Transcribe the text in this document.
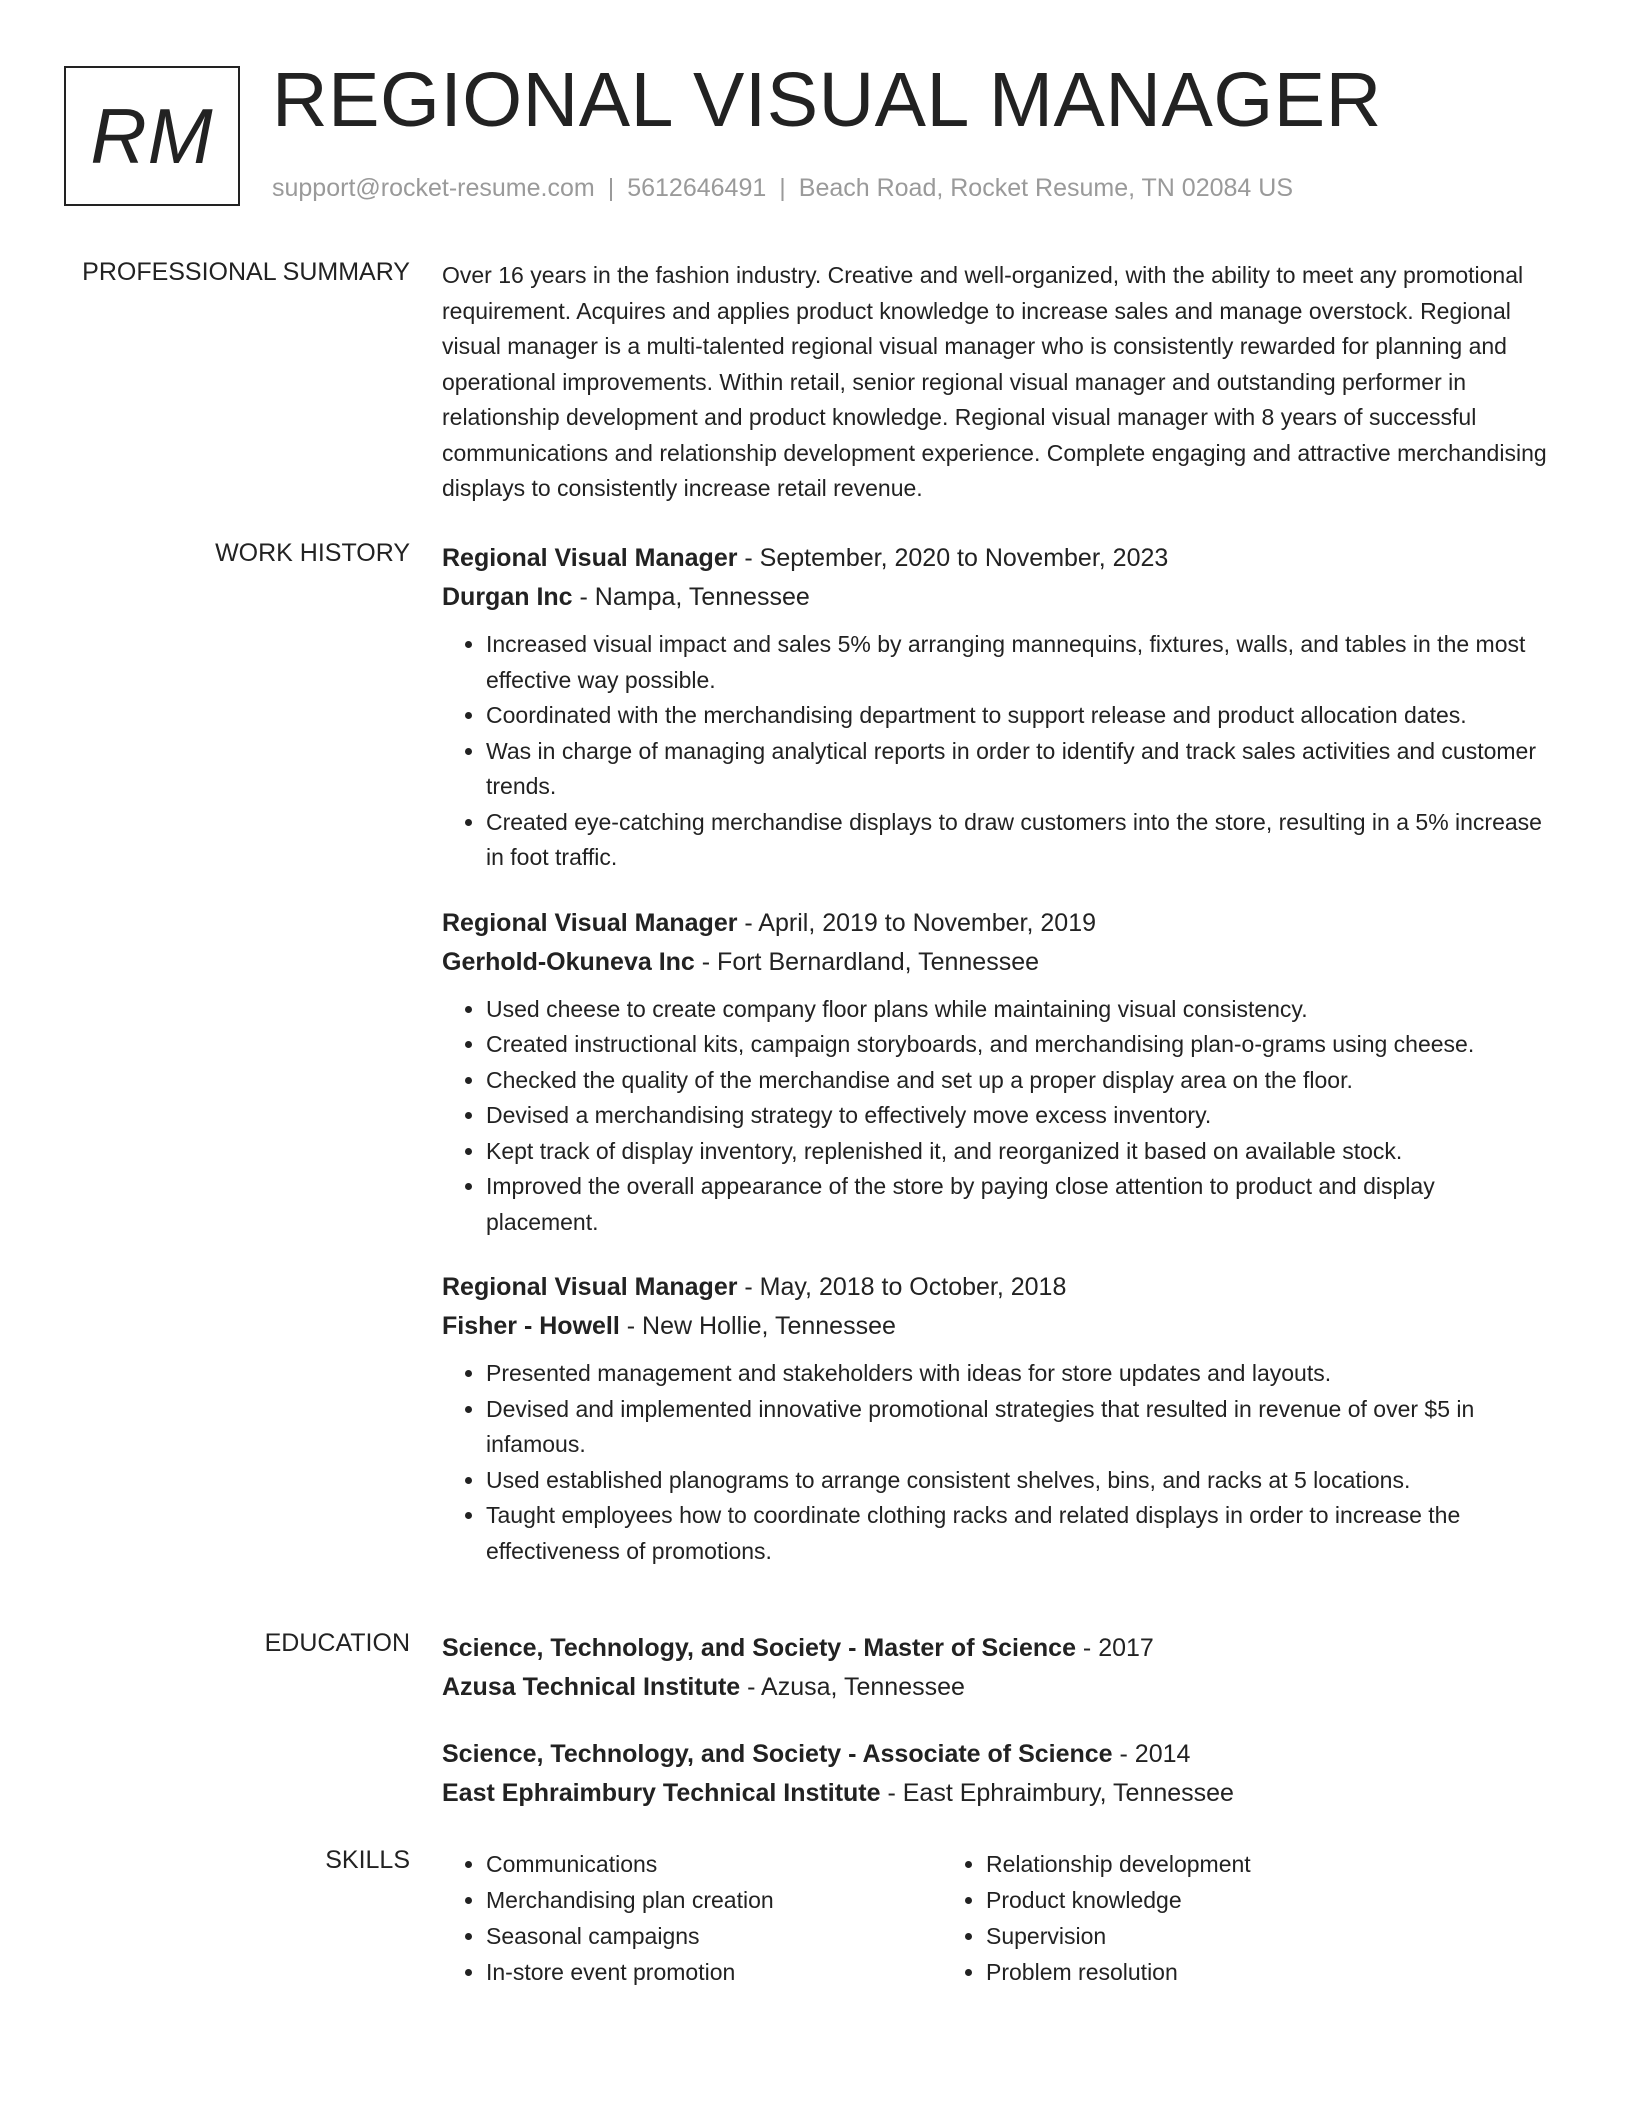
RM REGIONAL VISUAL MANAGER
support@rocket-resume.com | 5612646491 | Beach Road, Rocket Resume, TN 02084 US
PROFESSIONAL SUMMARY Over 16 years in the fashion industry. Creative and well-organized, with the ability to meet any promotional requirement. Acquires and applies product knowledge to increase sales and manage overstock. Regional visual manager is a multi-talented regional visual manager who is consistently rewarded for planning and operational improvements. Within retail, senior regional visual manager and outstanding performer in relationship development and product knowledge. Regional visual manager with 8 years of successful communications and relationship development experience. Complete engaging and attractive merchandising displays to consistently increase retail revenue.

WORK HISTORY Regional Visual Manager - September, 2020 to November, 2023

Durgan Inc - Nampa, Tennessee

• Increased visual impact and sales 5% by arranging mannequins, fixtures, walls, and tables in the most effective way possible.
• Coordinated with the merchandising department to support release and product allocation dates.
• Was in charge of managing analytical reports in order to identify and track sales activities and customer trends.
• Created eye-catching merchandise displays to draw customers into the store, resulting in a 5% increase in foot traffic.

Regional Visual Manager - April, 2019 to November, 2019

Gerhold-Okuneva Inc - Fort Bernardland, Tennessee

• Used cheese to create company floor plans while maintaining visual consistency.
• Created instructional kits, campaign storyboards, and merchandising plan-o-grams using cheese.
• Checked the quality of the merchandise and set up a proper display area on the floor.
• Devised a merchandising strategy to effectively move excess inventory.
• Kept track of display inventory, replenished it, and reorganized it based on available stock.
• Improved the overall appearance of the store by paying close attention to product and display placement.

Regional Visual Manager - May, 2018 to October, 2018

Fisher - Howell - New Hollie, Tennessee

• Presented management and stakeholders with ideas for store updates and layouts.
• Devised and implemented innovative promotional strategies that resulted in revenue of over $5 in infamous.
• Used established planograms to arrange consistent shelves, bins, and racks at 5 locations.
• Taught employees how to coordinate clothing racks and related displays in order to increase the effectiveness of promotions.
EDUCATION Science, Technology, and Society - Master of Science - 2017

Azusa Technical Institute - Azusa, Tennessee

Science, Technology, and Society - Associate of Science - 2014

East Ephraimbury Technical Institute - East Ephraimbury, Tennessee

SKILLS
•	Communications
• Merchandising plan creation
• Seasonal campaigns
• In-store event promotion
• Relationship development
• Product knowledge
• Supervision
• Problem resolution
